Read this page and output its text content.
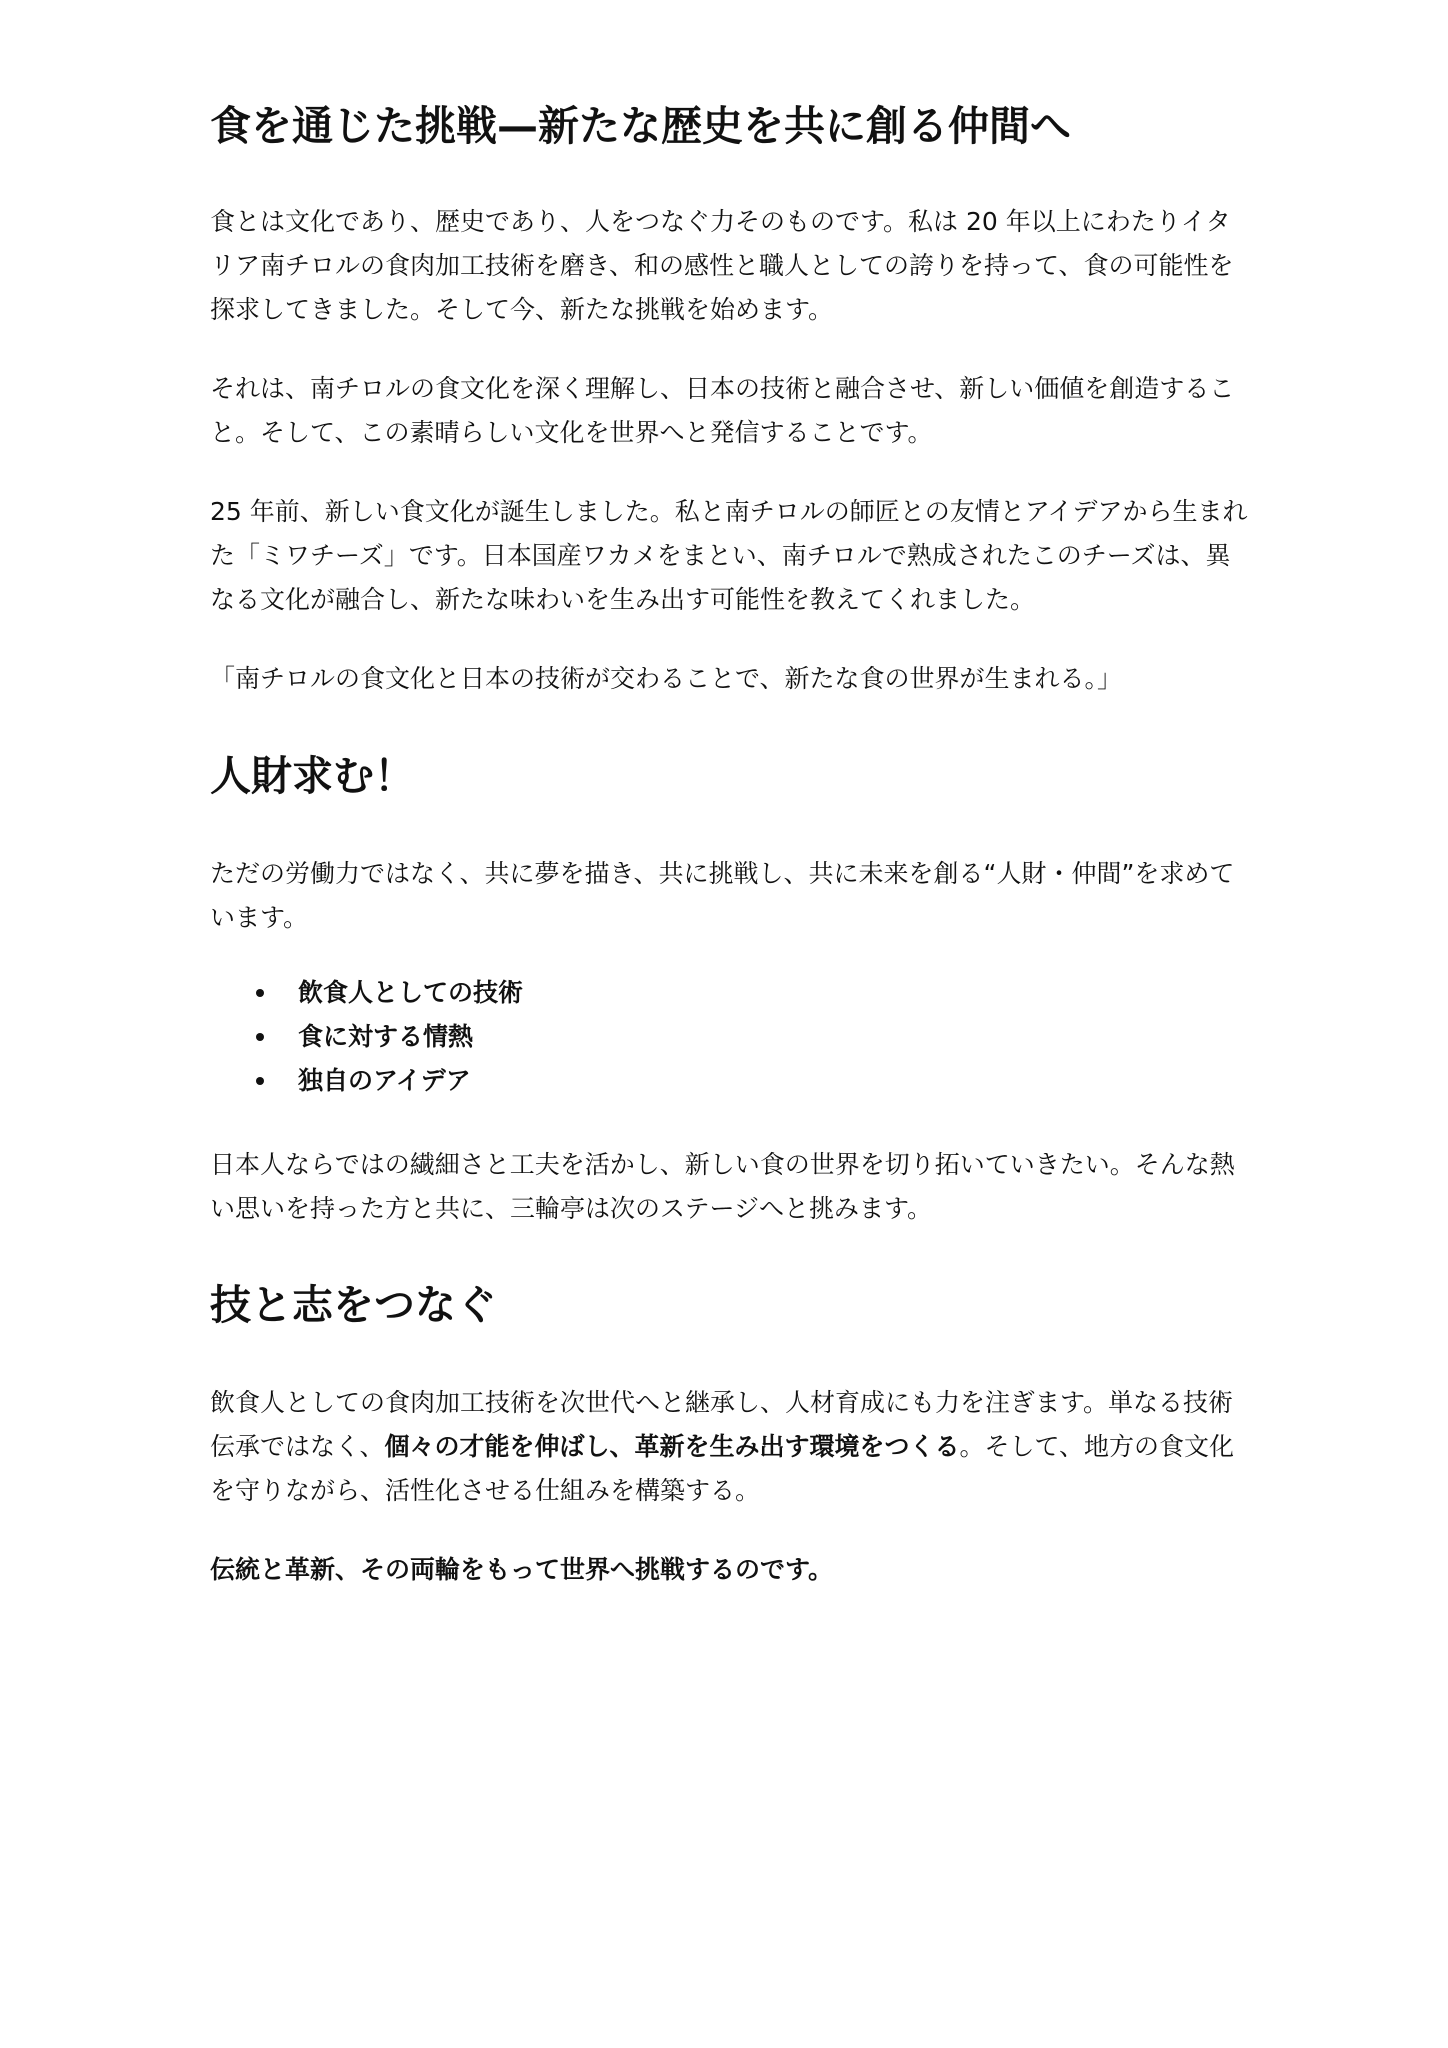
食を通じた挑戦—新たな歴史を共に創る仲間へ

食とは文化であり、歴史であり、人をつなぐ力そのものです。私は 20 年以上にわたりイタリア南チロルの食肉加工技術を磨き、和の感性と職人としての誇りを持って、食の可能性を探求してきました。そして今、新たな挑戦を始めます。

それは、南チロルの食文化を深く理解し、日本の技術と融合させ、新しい価値を創造すること。そして、この素晴らしい文化を世界へと発信することです。

25 年前、新しい食文化が誕生しました。私と南チロルの師匠との友情とアイデアから生まれた「ミワチーズ」です。日本国産ワカメをまとい、南チロルで熟成されたこのチーズは、異なる文化が融合し、新たな味わいを生み出す可能性を教えてくれました。

「南チロルの食文化と日本の技術が交わることで、新たな食の世界が生まれる。」

人財求む！

ただの労働力ではなく、共に夢を描き、共に挑戦し、共に未来を創る“人財・仲間”を求めています。

飲食人としての技術
食に対する情熱
独自のアイデア

日本人ならではの繊細さと工夫を活かし、新しい食の世界を切り拓いていきたい。そんな熱い思いを持った方と共に、三輪亭は次のステージへと挑みます。

技と志をつなぐ

飲食人としての食肉加工技術を次世代へと継承し、人材育成にも力を注ぎます。単なる技術伝承ではなく、個々の才能を伸ばし、革新を生み出す環境をつくる。そして、地方の食文化を守りながら、活性化させる仕組みを構築する。

伝統と革新、その両輪をもって世界へ挑戦するのです。
